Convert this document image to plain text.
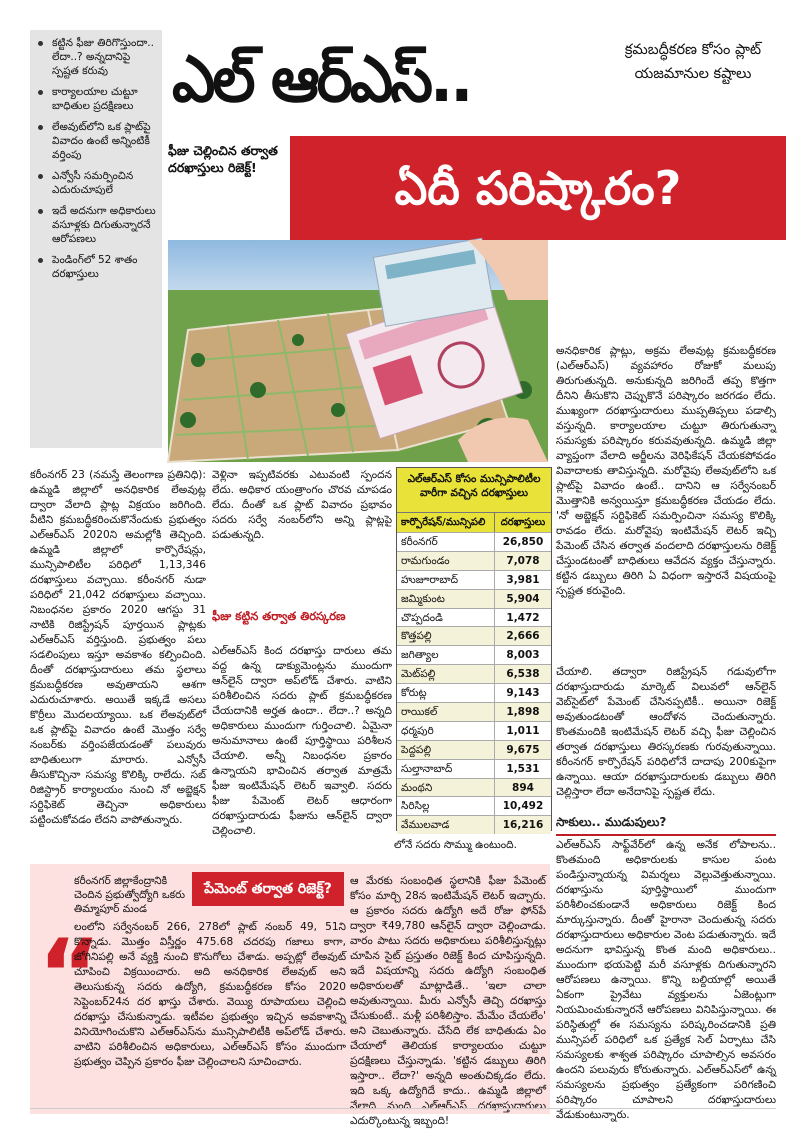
కట్టిన ఫీజు తిరిగొస్తుందా.. లేదా..? అన్నదానిపై స్పష్టత కరువు
కార్యాలయాల చుట్టూ బాధితుల ప్రదక్షిణలు
లేఅవుట్‌లోని ఒక ప్లాట్‌పై వివాదం ఉంటే అన్నింటికీ వర్తింపు
ఎన్వోసీ సమర్పించిన ఎదురుచూపులే
ఇదే అదనుగా అధికారులు వసూళ్లకు దిగుతున్నారనే ఆరోపణలు
పెండింగ్‌లో 52 శాతం దరఖాస్తులు
ఎల్ ఆర్ఎస్..	క్రమబద్ధీకరణ కోసం ప్లాట్ యజమానుల కష్టాలు
ఫీజు చెల్లించిన తర్వాత దరఖాస్తులు రిజెక్ట్!	ఏదీ పరిష్కారం?
అనధికారిక ప్లాట్లు, అక్రమ లేఅవుట్ల క్రమబద్ధీకరణ (ఎల్ఆర్ఎస్) వ్యవహారం రోజుకో మలుపు తిరుగుతున్నది. అనుకున్నది జరిగిందే తప్ప కొత్తగా దీనిని తీసుకొని చెప్పుకొనే పరిష్కారం జరగడం లేదు. ముఖ్యంగా దరఖాస్తుదారులు ముప్పతిప్పలు పడాల్సి వస్తున్నది. కార్యాలయాల చుట్టూ తిరుగుతున్నా సమస్యకు పరిష్కారం కరువవుతున్నది. ఉమ్మడి జిల్లా వ్యాప్తంగా వేలాది అర్జీలను వెరిఫికేషన్ చేయకపోవడం వివాదాలకు తావిస్తున్నది. మరోవైపు లేఅవుట్‌లోని ఒక ప్లాట్‌పై వివాదం ఉంటే.. దానిని ఆ సర్వేనంబర్ మొత్తానికి అన్వయిస్తూ క్రమబద్ధీకరణ చేయడం లేదు. 'నో అబ్జెక్షన్ సర్టిఫికెట్ సమర్పించినా సమస్య కొలిక్కి రావడం లేదు. మరోవైపు ఇంటిమేషన్ లెటర్ ఇచ్చి పేమెంట్ చేసిన తర్వాత వందలాది దరఖాస్తులను రిజెక్ట్ చేస్తుండటంతో బాధితులు ఆవేదన వ్యక్తం చేస్తున్నారు. కట్టిన డబ్బులు తిరిగి ఏ విధంగా ఇస్తారనే విషయంపై స్పష్టత కరువైంది.
ఎల్ఆర్ఎస్ కోసం మున్సిపాలిటీల వారీగా వచ్చిన దరఖాస్తులు
కార్పొరేషన్/మున్సిపలి	దరఖాస్తులు
కరీంనగర్	26,850
రామగుండం	7,078
హుజూరాబాద్	3,981
జమ్మికుంట	5,904
చొప్పదండి	1,472
కొత్తపల్లి	2,666
జగిత్యాల	8,003
మెట్‌పల్లి	6,538
కోరుట్ల	9,143
రాయికల్	1,898
ధర్మపురి	1,011
పెద్దపల్లి	9,675
సుల్తానాబాద్	1,531
మంథని	894
సిరిసిల్ల	10,492
వేములవాడ	16,216
కరీంనగర్ 23 (నమస్తే తెలంగాణ ప్రతినిధి): ఉమ్మడి జిల్లాలో అనధికారిక లేఅవుట్ల ద్వారా వేలాది ప్లాట్ల విక్రయం జరిగింది. వీటిని క్రమబద్ధీకరించుకొనేందుకు ప్రభుత్వం ఎల్ఆర్ఎస్ 2020ని అమల్లోకి తెచ్చింది. ఉమ్మడి జిల్లాలో కార్పొరేషన్లు, మున్సిపాలిటీల పరిధిలో 1,13,346 దరఖాస్తులు వచ్చాయి. కరీంనగర్ నుడా పరిధిలో 21,042 దరఖాస్తులు వచ్చాయి. నిబంధనల ప్రకారం 2020 ఆగస్టు 31 నాటికి రిజిస్ట్రేషన్ పూర్తయిన ప్లాట్లకు ఎల్ఆర్ఎస్ వర్తిస్తుంది. ప్రభుత్వం పలు సడలింపులు ఇస్తూ అవకాశం కల్పించింది. దీంతో దరఖాస్తుదారులు తమ స్థలాలు క్రమబద్ధీకరణ అవుతాయని ఆశగా ఎదురుచూశారు. అయితే ఇక్కడే అసలు కొర్రీలు మొదలయ్యాయి. ఒక లేఅవుట్‌లో ఒక ప్లాట్‌పై వివాదం ఉంటే మొత్తం సర్వే నంబర్‌కు వర్తింపజేయడంతో పలువురు బాధితులుగా మారారు. ఎన్వోసీ తీసుకొచ్చినా సమస్య కొలిక్కి రాలేదు. సబ్ రిజిస్ట్రార్ కార్యాలయం నుంచి నో అబ్జెక్షన్ సర్టిఫికెట్ తెచ్చినా అధికారులు పట్టించుకోవడం లేదని వాపోతున్నారు.
వెళ్లినా ఇప్పటివరకు ఎటువంటి స్పందన లేదు. అధికార యంత్రాంగం చొరవ చూపడం లేదు. దీంతో ఒక ప్లాట్ వివాదం ప్రభావం సదరు సర్వే నంబర్‌లోని అన్ని ప్లాట్లపై పడుతున్నది.
ఫీజు కట్టిన తర్వాత తిరస్కరణ
ఎల్ఆర్ఎస్ కింద దరఖాస్తు దారులు తమ వద్ద ఉన్న డాక్యుమెంట్లను ముందుగా ఆన్‌లైన్ ద్వారా అప్‌లోడ్ చేశారు. వాటిని పరిశీలించిన సదరు ప్లాట్ క్రమబద్ధీకరణ చేయదానికి అర్హత ఉందా.. లేదా..? అన్నది అధికారులు ముందుగా గుర్తించాలి. ఏమైనా అనుమానాలు ఉంటే పూర్తిస్థాయి పరిశీలన చేయాలి. అన్నీ నిబంధనల ప్రకారం ఉన్నాయని భావించిన తర్వాత మాత్రమే ఫీజు ఇంటిమేషన్ లెటర్ ఇవ్వాలి. సదరు ఫీజు పేమెంట్ లెటర్ ఆధారంగా దరఖాస్తుదారుడు ఫీజును ఆన్‌లైన్ ద్వారా చెల్లించాలి.
చేయాలి. తద్వారా రిజిస్ట్రేషన్ గడువులోగా దరఖాస్తుదారుడు మార్కెట్ విలువలో ఆన్‌లైన్ వెబ్‌సైట్‌లో పేమెంట్ చేసినప్పటికీ.. అయినా రిజెక్ట్ అవుతుండటంతో ఆందోళన చెందుతున్నారు. కొంతమందికి ఇంటిమేషన్ లెటర్ వచ్చి ఫీజు చెల్లించిన తర్వాత దరఖాస్తులు తిరస్కరణకు గురవుతున్నాయి. కరీంనగర్ కార్పొరేషన్ పరిధిలోనే దాదాపు 200కుపైగా ఉన్నాయి. ఆయా దరఖాస్తుదారులకు డబ్బులు తిరిగి చెల్లిస్తారా లేదా అనేదానిపై స్పష్టత లేదు.
లోనే సదరు సొమ్ము ఉంటుంది.
సాకులు.. ముడుపులు?
ఎల్ఆర్ఎస్ సాఫ్ట్‌వేర్‌లో ఉన్న అనేక లోపాలను.. కొంతమంది అధికారులకు కాసుల పంట పండిస్తున్నాయన్న విమర్శలు వెల్లువెత్తుతున్నాయి. దరఖాస్తును పూర్తిస్థాయిలో ముందుగా పరిశీలించకుండానే అధికారులు రిజెక్ట్ కింద మార్కుస్తున్నారు. దీంతో హైరానా చెందుతున్న సదరు దరఖాస్తుదారులు అధికారుల వెంట పడుతున్నారు. ఇదే అదనుగా భావిస్తున్న కొంత మంది అధికారులు.. ముందుగా భయపెట్టి మరీ వసూళ్లకు దిగుతున్నారని ఆరోపణలు ఉన్నాయి. కొన్ని బల్దియాల్లో అయితే ఏకంగా ప్రైవేటు వ్యక్తులను ఏజెంట్లుగా నియమించుకున్నారనే ఆరోపణలు వినిపిస్తున్నాయి. ఈ పరిస్థితుల్లో ఈ సమస్యను పరిష్కరించడానికి ప్రతి మున్సిపల్ పరిధిలో ఒక ప్రత్యేక సెల్ ఏర్పాటు చేసి సమస్యలకు శాశ్వత పరిష్కారం చూపాల్సిన అవసరం ఉందని పలువురు కోరుతున్నారు. ఎల్ఆర్ఎస్‌లో ఉన్న సమస్యలను ప్రభుత్వం ప్రత్యేకంగా పరిగణించి పరిష్కారం చూపాలని దరఖాస్తుదారులు వేడుకుంటున్నారు.
“
కరీంనగర్ జిల్లాకేంద్రానికి చెందిన ప్రభుత్వోద్యోగి ఒకరు తిమ్మాపూర్ మండ
పేమెంట్ తర్వాత రిజెక్ట్?
లంలోని సర్వేనంబర్ 266, 278లో ప్లాట్ నంబర్ 49, 51ని కొన్నాడు. మొత్తం విస్తీర్ణం 475.68 చదరపు గజాలు కాగా, జోగినిపల్లి అనే వ్యక్తి నుంచి కొనుగోలు చేశాడు. అప్పట్లో లేఅవుట్ చూపించి విక్రయించారు. అది అనధికారిక లేఅవుట్ అని తెలుసుకున్న సదరు ఉద్యోగి, క్రమబద్ధీకరణ కోసం 2020 సెప్టెంబర్‌24న దర ఖాస్తు చేశారు. వెయ్యి రూపాయలు చెల్లించి దరఖాస్తు చేసుకున్నాడు. ఇటీవల ప్రభుత్వం ఇచ్చిన అవకాశాన్ని వినియోగించుకొని ఎల్ఆర్ఎస్‌ను మున్సిపాలిటీకి అప్‌లోడ్ చేశారు. వాటిని పరిశీలించిన అధికారులు, ఎల్ఆర్ఎస్ కోసం ముందుగా ప్రభుత్వం చెప్పిన ప్రకారం ఫీజు చెల్లించాలని సూచించారు.
ఆ మేరకు సంబంధిత స్థలానికి ఫీజు పేమెంట్ కోసం మార్చి 28న ఇంటిమేషన్ లెటర్ ఇచ్చారు. ఆ ప్రకారం సదరు ఉద్యోగి అదే రోజు ఫోన్‌పే ద్వారా ₹49,780 ఆన్‌లైన్ ద్వారా చెల్లించాడు. వారం పాటు సదరు అధికారులు పరిశీలిస్తున్నట్లు చూపిన సైట్ ప్రస్తుతం రిజెక్ట్ కింద చూపిస్తున్నది. ఇదే విషయాన్ని సదరు ఉద్యోగి సంబంధిత అధికారులతో మాట్లాడితే.. 'ఇలా చాలా అవుతున్నాయి. మీరు ఎన్వోసీ తెచ్చి దరఖాస్తు చేసుకుంటే.. మళ్లీ పరిశీలిస్తాం. మేమేం చేయలేం' అని చెబుతున్నారు. చేసేది లేక బాధితుడు ఏం చేయాలో తెలియక కార్యాలయం చుట్టూ ప్రదక్షిణలు చేస్తున్నాడు. 'కట్టిన డబ్బులు తిరిగి ఇస్తారా.. లేదా?' అన్నది అంతుచిక్కడం లేదు. ఇది ఒక్క ఉద్యోగిదే కాదు.. ఉమ్మడి జిల్లాలో వేలాది మంది ఎల్ఆర్ఎస్ దరఖాస్తుదారులు ఎదుర్కొంటున్న ఇబ్బంది!
